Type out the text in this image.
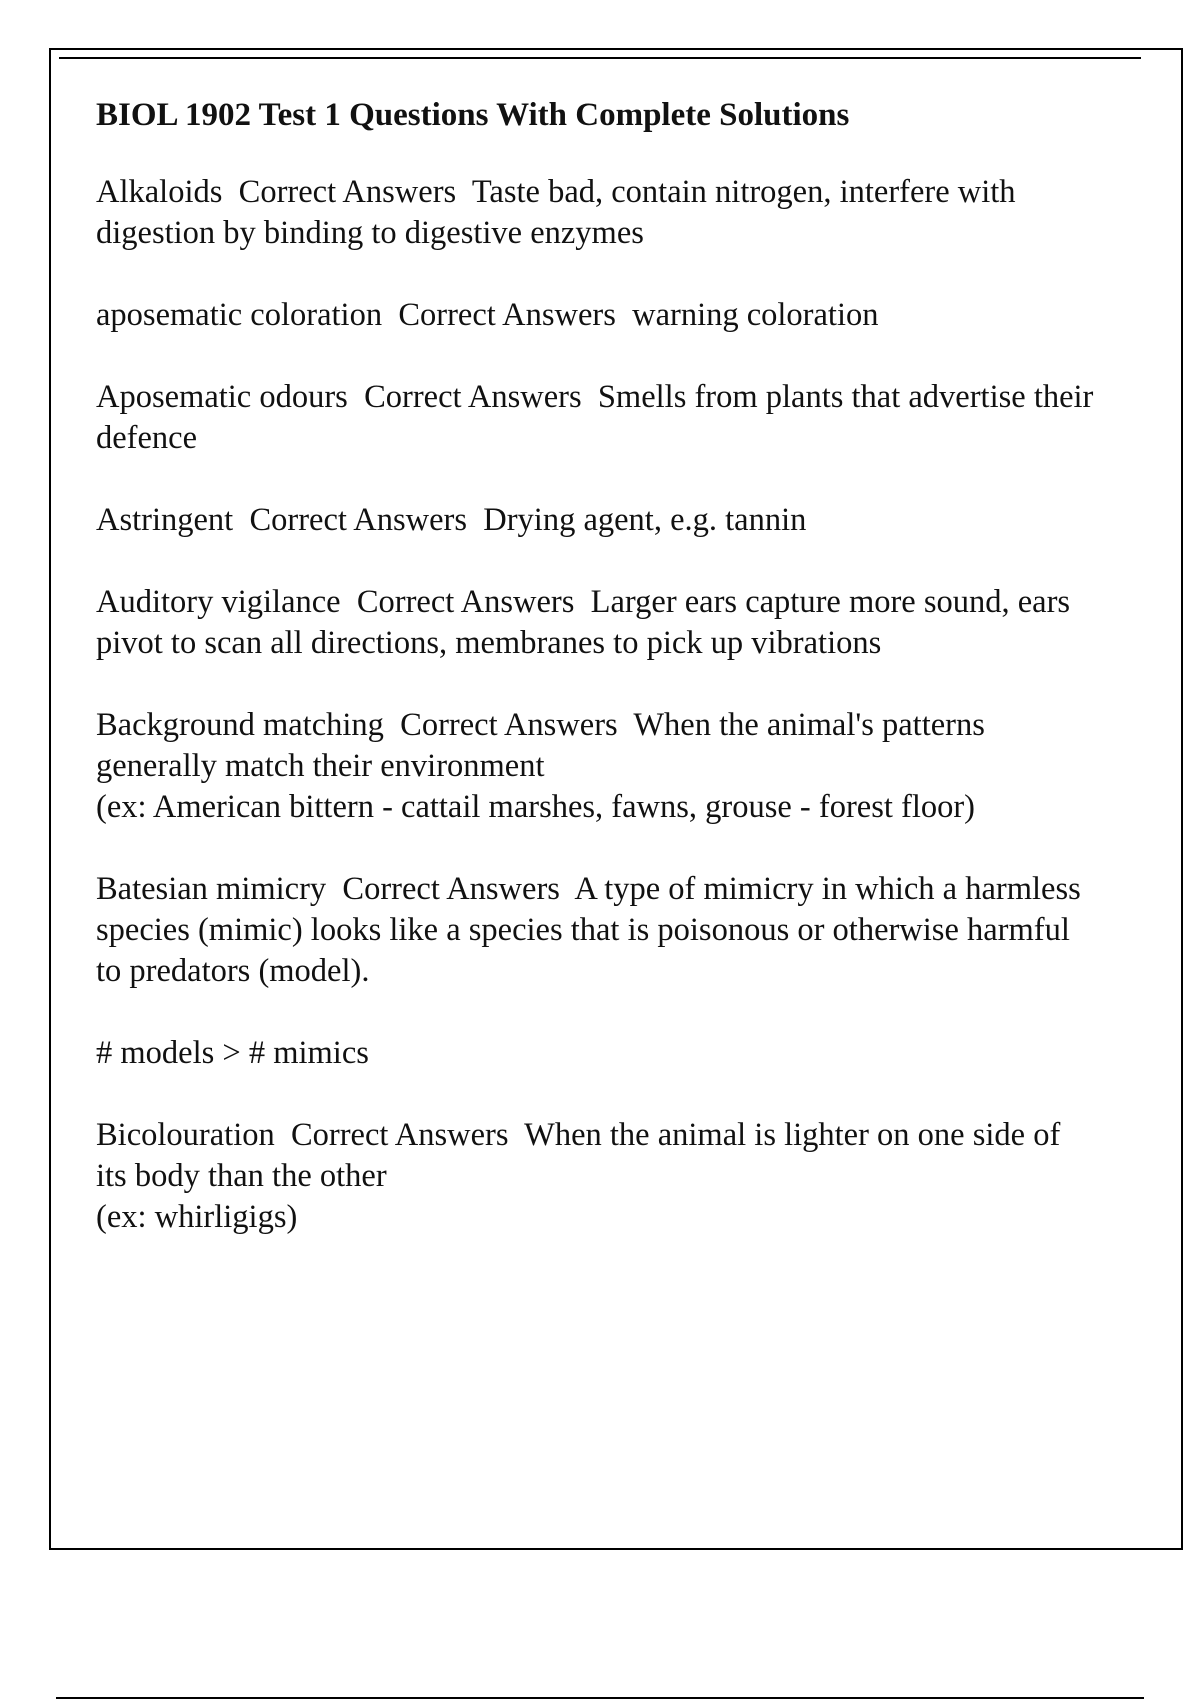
BIOL 1902 Test 1 Questions With Complete Solutions
Alkaloids Correct Answers Taste bad, contain nitrogen, interfere with digestion by binding to digestive enzymes
aposematic coloration Correct Answers warning coloration
Aposematic odours Correct Answers Smells from plants that advertise their defence
Astringent Correct Answers Drying agent, e.g. tannin
Auditory vigilance Correct Answers Larger ears capture more sound, ears pivot to scan all directions, membranes to pick up vibrations
Background matching Correct Answers When the animal's patterns generally match their environment
(ex: American bittern - cattail marshes, fawns, grouse - forest floor)
Batesian mimicry Correct Answers A type of mimicry in which a harmless species (mimic) looks like a species that is poisonous or otherwise harmful to predators (model).
# models > # mimics
Bicolouration Correct Answers When the animal is lighter on one side of its body than the other
(ex: whirligigs)
